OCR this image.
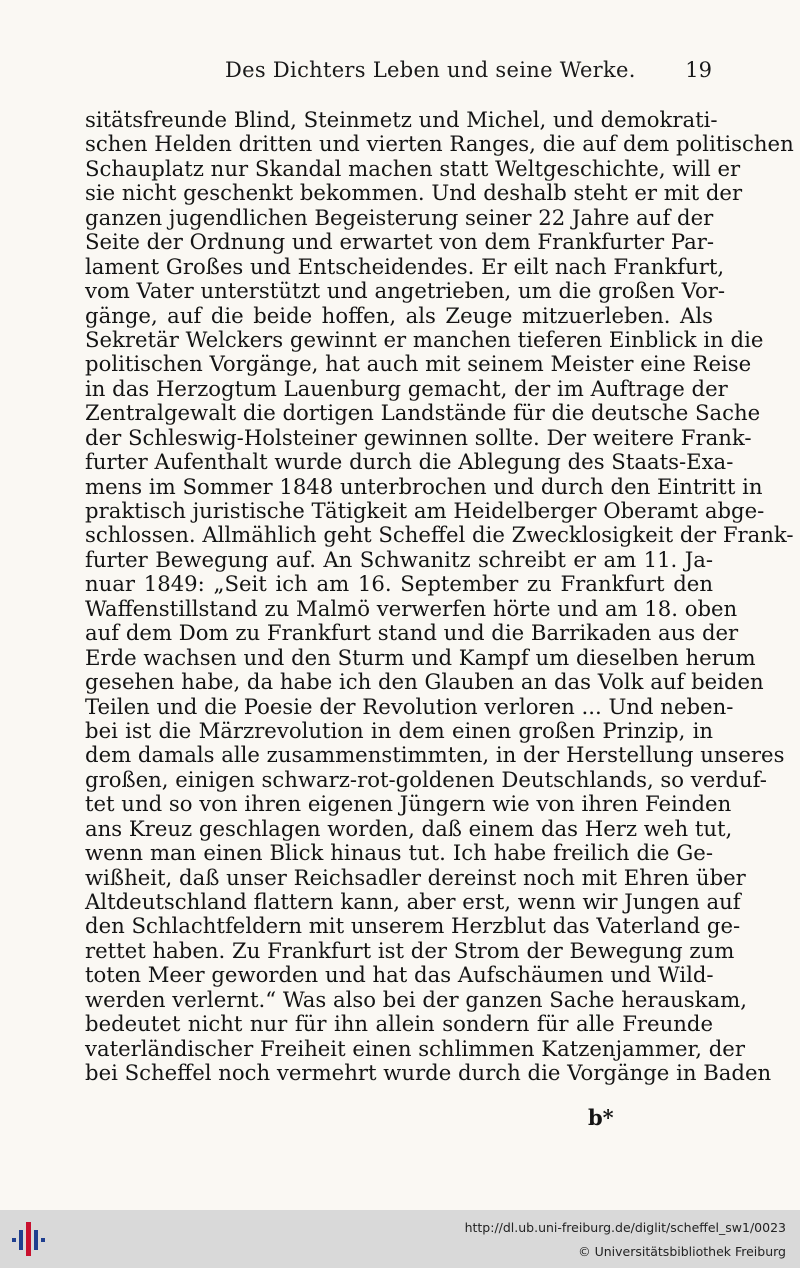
Des Dichters Leben und seine Werke. 19
sitätsfreunde Blind, Steinmetz und Michel, und demokrati-
schen Helden dritten und vierten Ranges, die auf dem politischen
Schauplatz nur Skandal machen statt Weltgeschichte, will er
sie nicht geschenkt bekommen. Und deshalb steht er mit der
ganzen jugendlichen Begeisterung seiner 22 Jahre auf der
Seite der Ordnung und erwartet von dem Frankfurter Par-
lament Großes und Entscheidendes. Er eilt nach Frankfurt,
vom Vater unterstützt und angetrieben, um die großen Vor-
gänge, auf die beide hoffen, als Zeuge mitzuerleben. Als
Sekretär Welckers gewinnt er manchen tieferen Einblick in die
politischen Vorgänge, hat auch mit seinem Meister eine Reise
in das Herzogtum Lauenburg gemacht, der im Auftrage der
Zentralgewalt die dortigen Landstände für die deutsche Sache
der Schleswig-Holsteiner gewinnen sollte. Der weitere Frank-
furter Aufenthalt wurde durch die Ablegung des Staats-Exa-
mens im Sommer 1848 unterbrochen und durch den Eintritt in
praktisch juristische Tätigkeit am Heidelberger Oberamt abge-
schlossen. Allmählich geht Scheffel die Zwecklosigkeit der Frank-
furter Bewegung auf. An Schwanitz schreibt er am 11. Ja-
nuar 1849: „Seit ich am 16. September zu Frankfurt den
Waffenstillstand zu Malmö verwerfen hörte und am 18. oben
auf dem Dom zu Frankfurt stand und die Barrikaden aus der
Erde wachsen und den Sturm und Kampf um dieselben herum
gesehen habe, da habe ich den Glauben an das Volk auf beiden
Teilen und die Poesie der Revolution verloren ... Und neben-
bei ist die Märzrevolution in dem einen großen Prinzip, in
dem damals alle zusammenstimmten, in der Herstellung unseres
großen, einigen schwarz-rot-goldenen Deutschlands, so verduf-
tet und so von ihren eigenen Jüngern wie von ihren Feinden
ans Kreuz geschlagen worden, daß einem das Herz weh tut,
wenn man einen Blick hinaus tut. Ich habe freilich die Ge-
wißheit, daß unser Reichsadler dereinst noch mit Ehren über
Altdeutschland flattern kann, aber erst, wenn wir Jungen auf
den Schlachtfeldern mit unserem Herzblut das Vaterland ge-
rettet haben. Zu Frankfurt ist der Strom der Bewegung zum
toten Meer geworden und hat das Aufschäumen und Wild-
werden verlernt.“ Was also bei der ganzen Sache herauskam,
bedeutet nicht nur für ihn allein sondern für alle Freunde
vaterländischer Freiheit einen schlimmen Katzenjammer, der
bei Scheffel noch vermehrt wurde durch die Vorgänge in Baden
b*
http://dl.ub.uni-freiburg.de/diglit/scheffel_sw1/0023
© Universitätsbibliothek Freiburg
